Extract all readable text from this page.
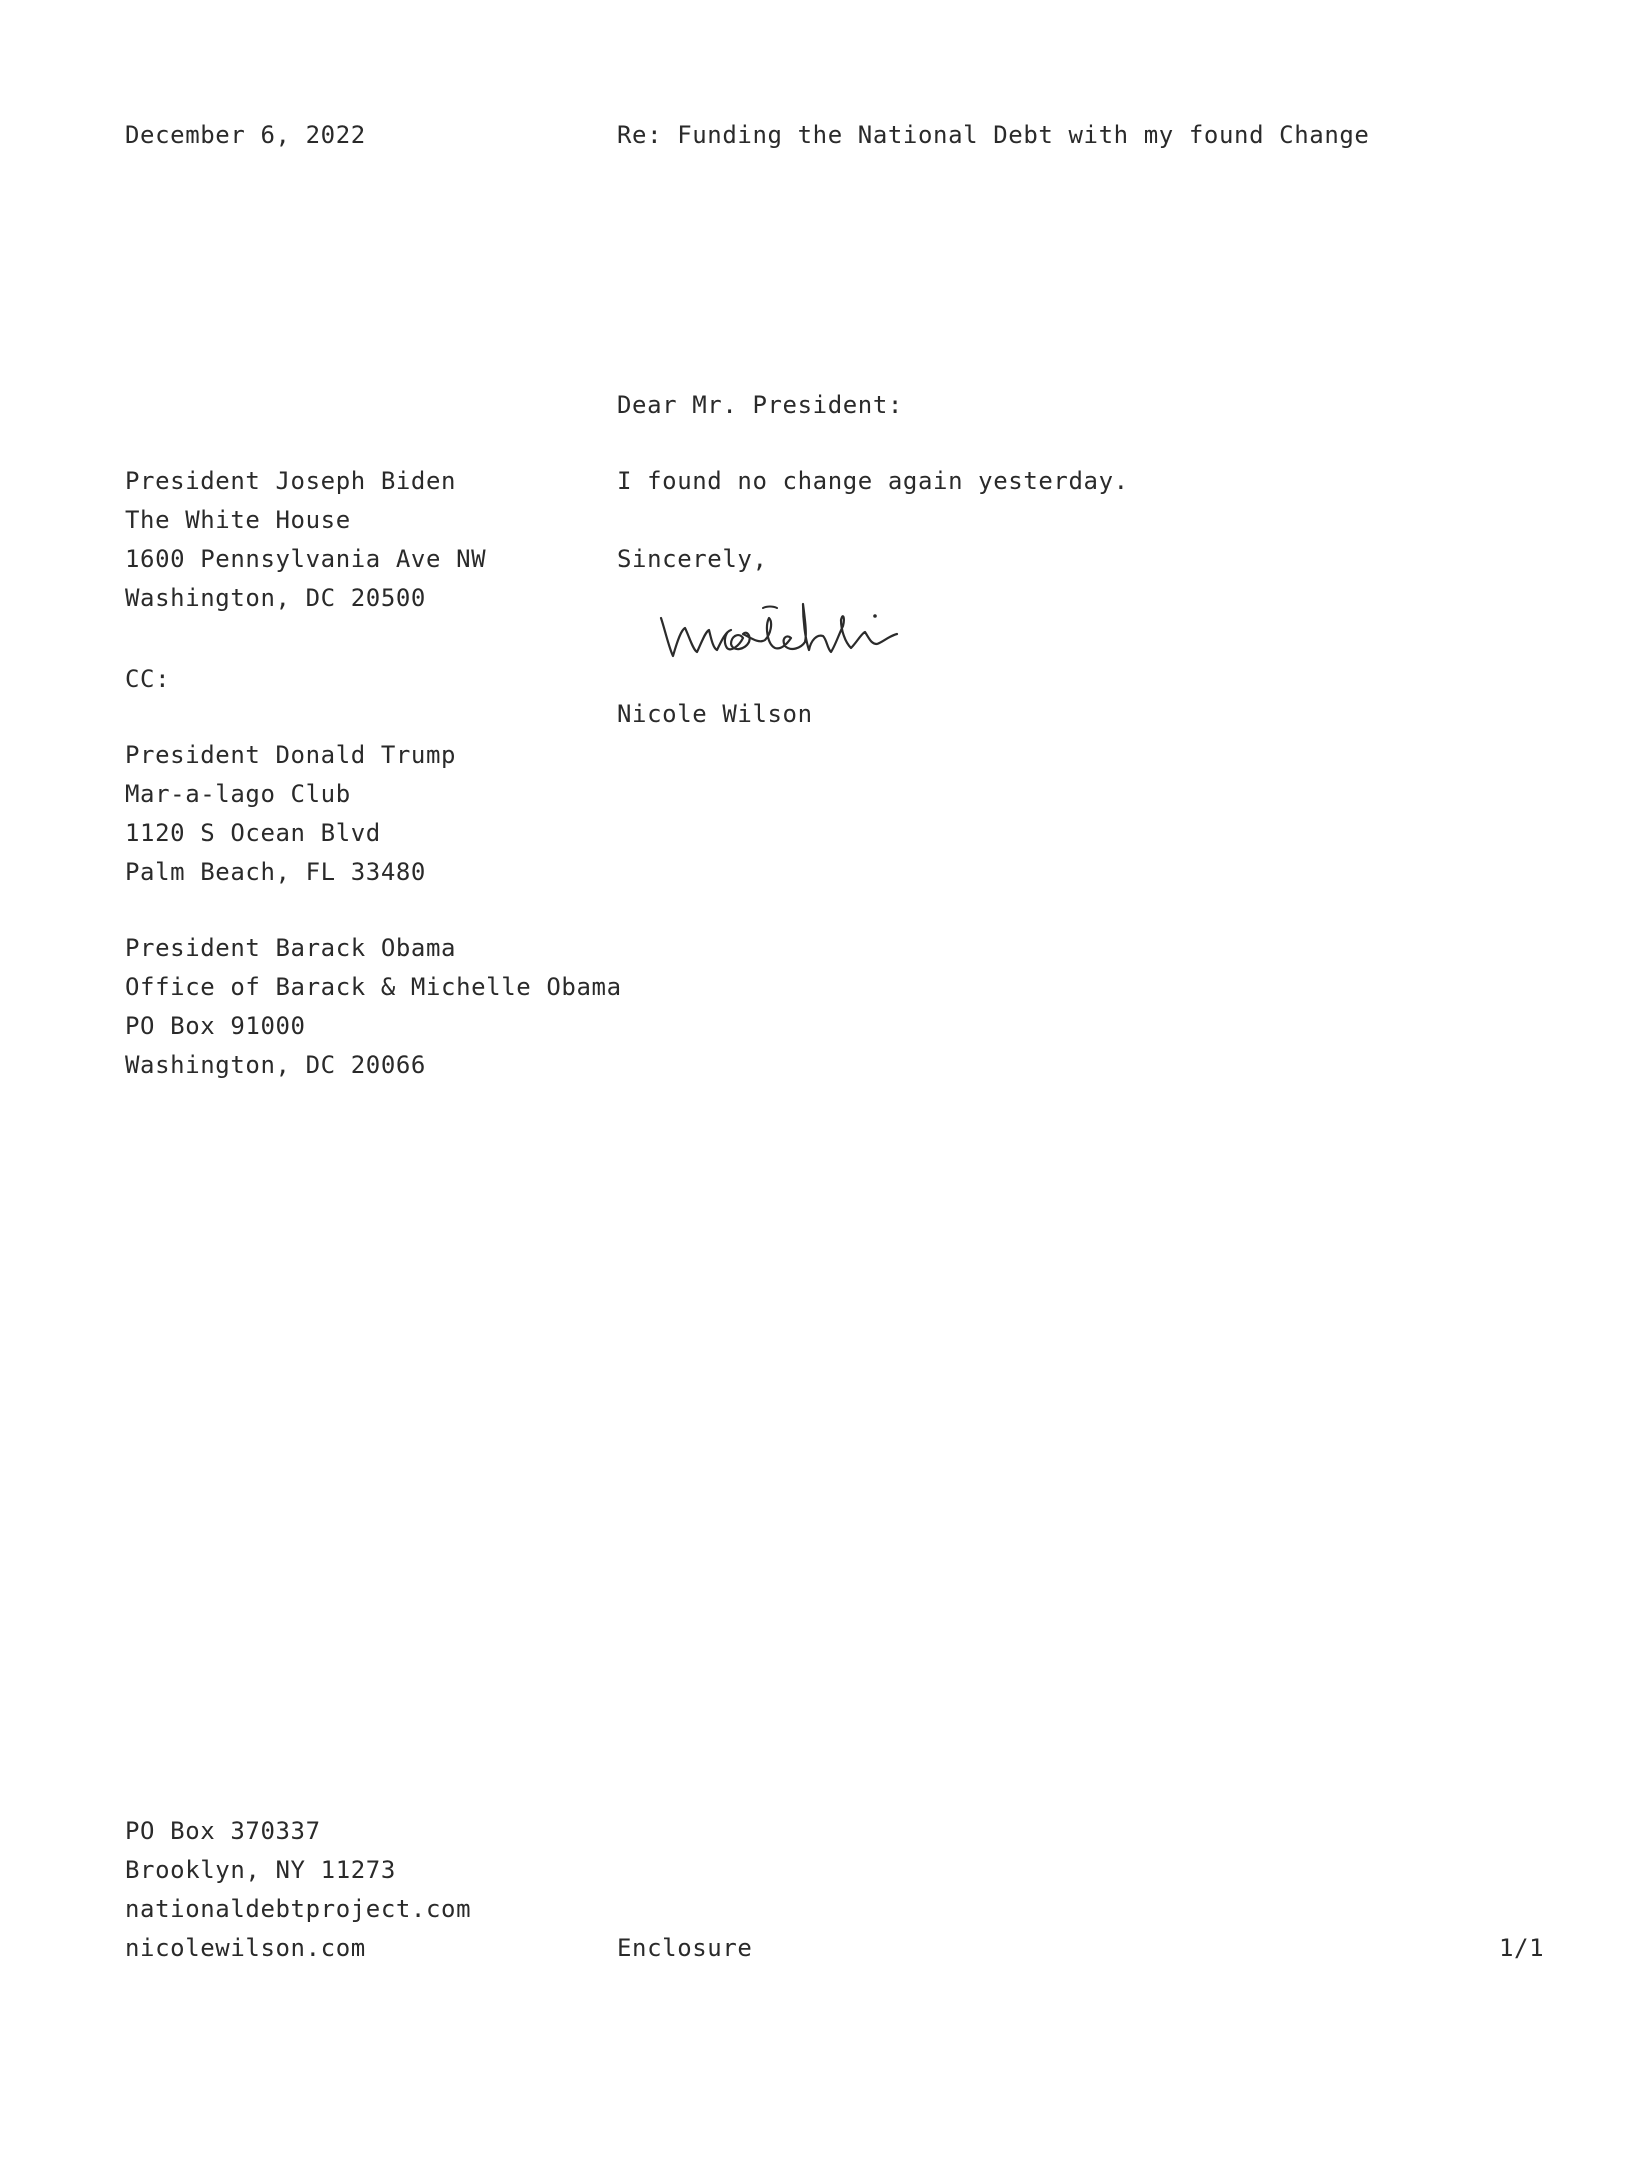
December 6, 2022	Re: Funding the National Debt with my found Change
Dear Mr. President:
President Joseph Biden
The White House
1600 Pennsylvania Ave NW
Washington, DC 20500
I found no change again yesterday.
Sincerely,
CC:
Nicole Wilson
President Donald Trump
Mar-a-lago Club
1120 S Ocean Blvd
Palm Beach, FL 33480
President Barack Obama
Office of Barack & Michelle Obama
PO Box 91000
Washington, DC 20066
PO Box 370337
Brooklyn, NY 11273
nationaldebtproject.com
nicolewilson.com	Enclosure	1/1
